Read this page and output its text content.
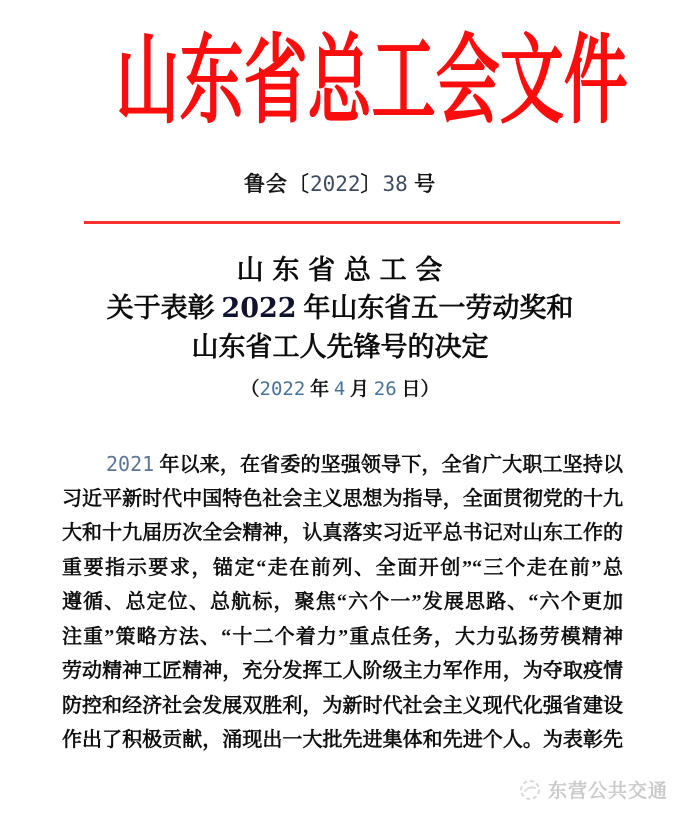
山东省总工会文件
鲁会〔2022〕38 号
山 东 省 总 工 会
关于表彰 2022 年山东省五一劳动奖和
山东省工人先锋号的决定
（2022 年 4 月 26 日）
2021 年以来，在省委的坚强领导下，全省广大职工坚持以
习近平新时代中国特色社会主义思想为指导，全面贯彻党的十九
大和十九届历次全会精神，认真落实习近平总书记对山东工作的
重要指示要求，锚定“走在前列、全面开创”“三个走在前”总
遵循、总定位、总航标，聚焦“六个一”发展思路、“六个更加
注重”策略方法、“十二个着力”重点任务，大力弘扬劳模精神
劳动精神工匠精神，充分发挥工人阶级主力军作用，为夺取疫情
防控和经济社会发展双胜利，为新时代社会主义现代化强省建设
作出了积极贡献，涌现出一大批先进集体和先进个人。为表彰先
东营公共交通
